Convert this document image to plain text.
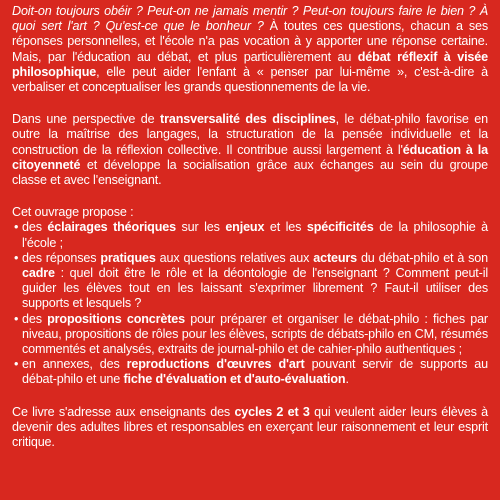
Doit-on toujours obéir ? Peut-on ne jamais mentir ? Peut-on toujours faire le bien ? À quoi sert l'art ? Qu'est-ce que le bonheur ? À toutes ces questions, chacun a ses réponses personnelles, et l'école n'a pas vocation à y apporter une réponse certaine. Mais, par l'éducation au débat, et plus particulièrement au débat réflexif à visée philosophique, elle peut aider l'enfant à « penser par lui-même », c'est-à-dire à verbaliser et conceptualiser les grands questionnements de la vie.

Dans une perspective de transversalité des disciplines, le débat-philo favorise en outre la maîtrise des langages, la structuration de la pensée individuelle et la construction de la réflexion collective. Il contribue aussi largement à l'éducation à la citoyenneté et développe la socialisation grâce aux échanges au sein du groupe classe et avec l'enseignant.

Cet ouvrage propose :

• des éclairages théoriques sur les enjeux et les spécificités de la philosophie à l'école ;

• des réponses pratiques aux questions relatives aux acteurs du débat-philo et à son cadre : quel doit être le rôle et la déontologie de l'enseignant ? Comment peut-il guider les élèves tout en les laissant s'exprimer librement ? Faut-il utiliser des supports et lesquels ?

• des propositions concrètes pour préparer et organiser le débat-philo : fiches par niveau, propositions de rôles pour les élèves, scripts de débats-philo en CM, résumés commentés et analysés, extraits de journal-philo et de cahier-philo authentiques ;

• en annexes, des reproductions d'œuvres d'art pouvant servir de supports au débat-philo et une fiche d'évaluation et d'auto-évaluation.

Ce livre s'adresse aux enseignants des cycles 2 et 3 qui veulent aider leurs élèves à devenir des adultes libres et responsables en exerçant leur raisonnement et leur esprit critique.
